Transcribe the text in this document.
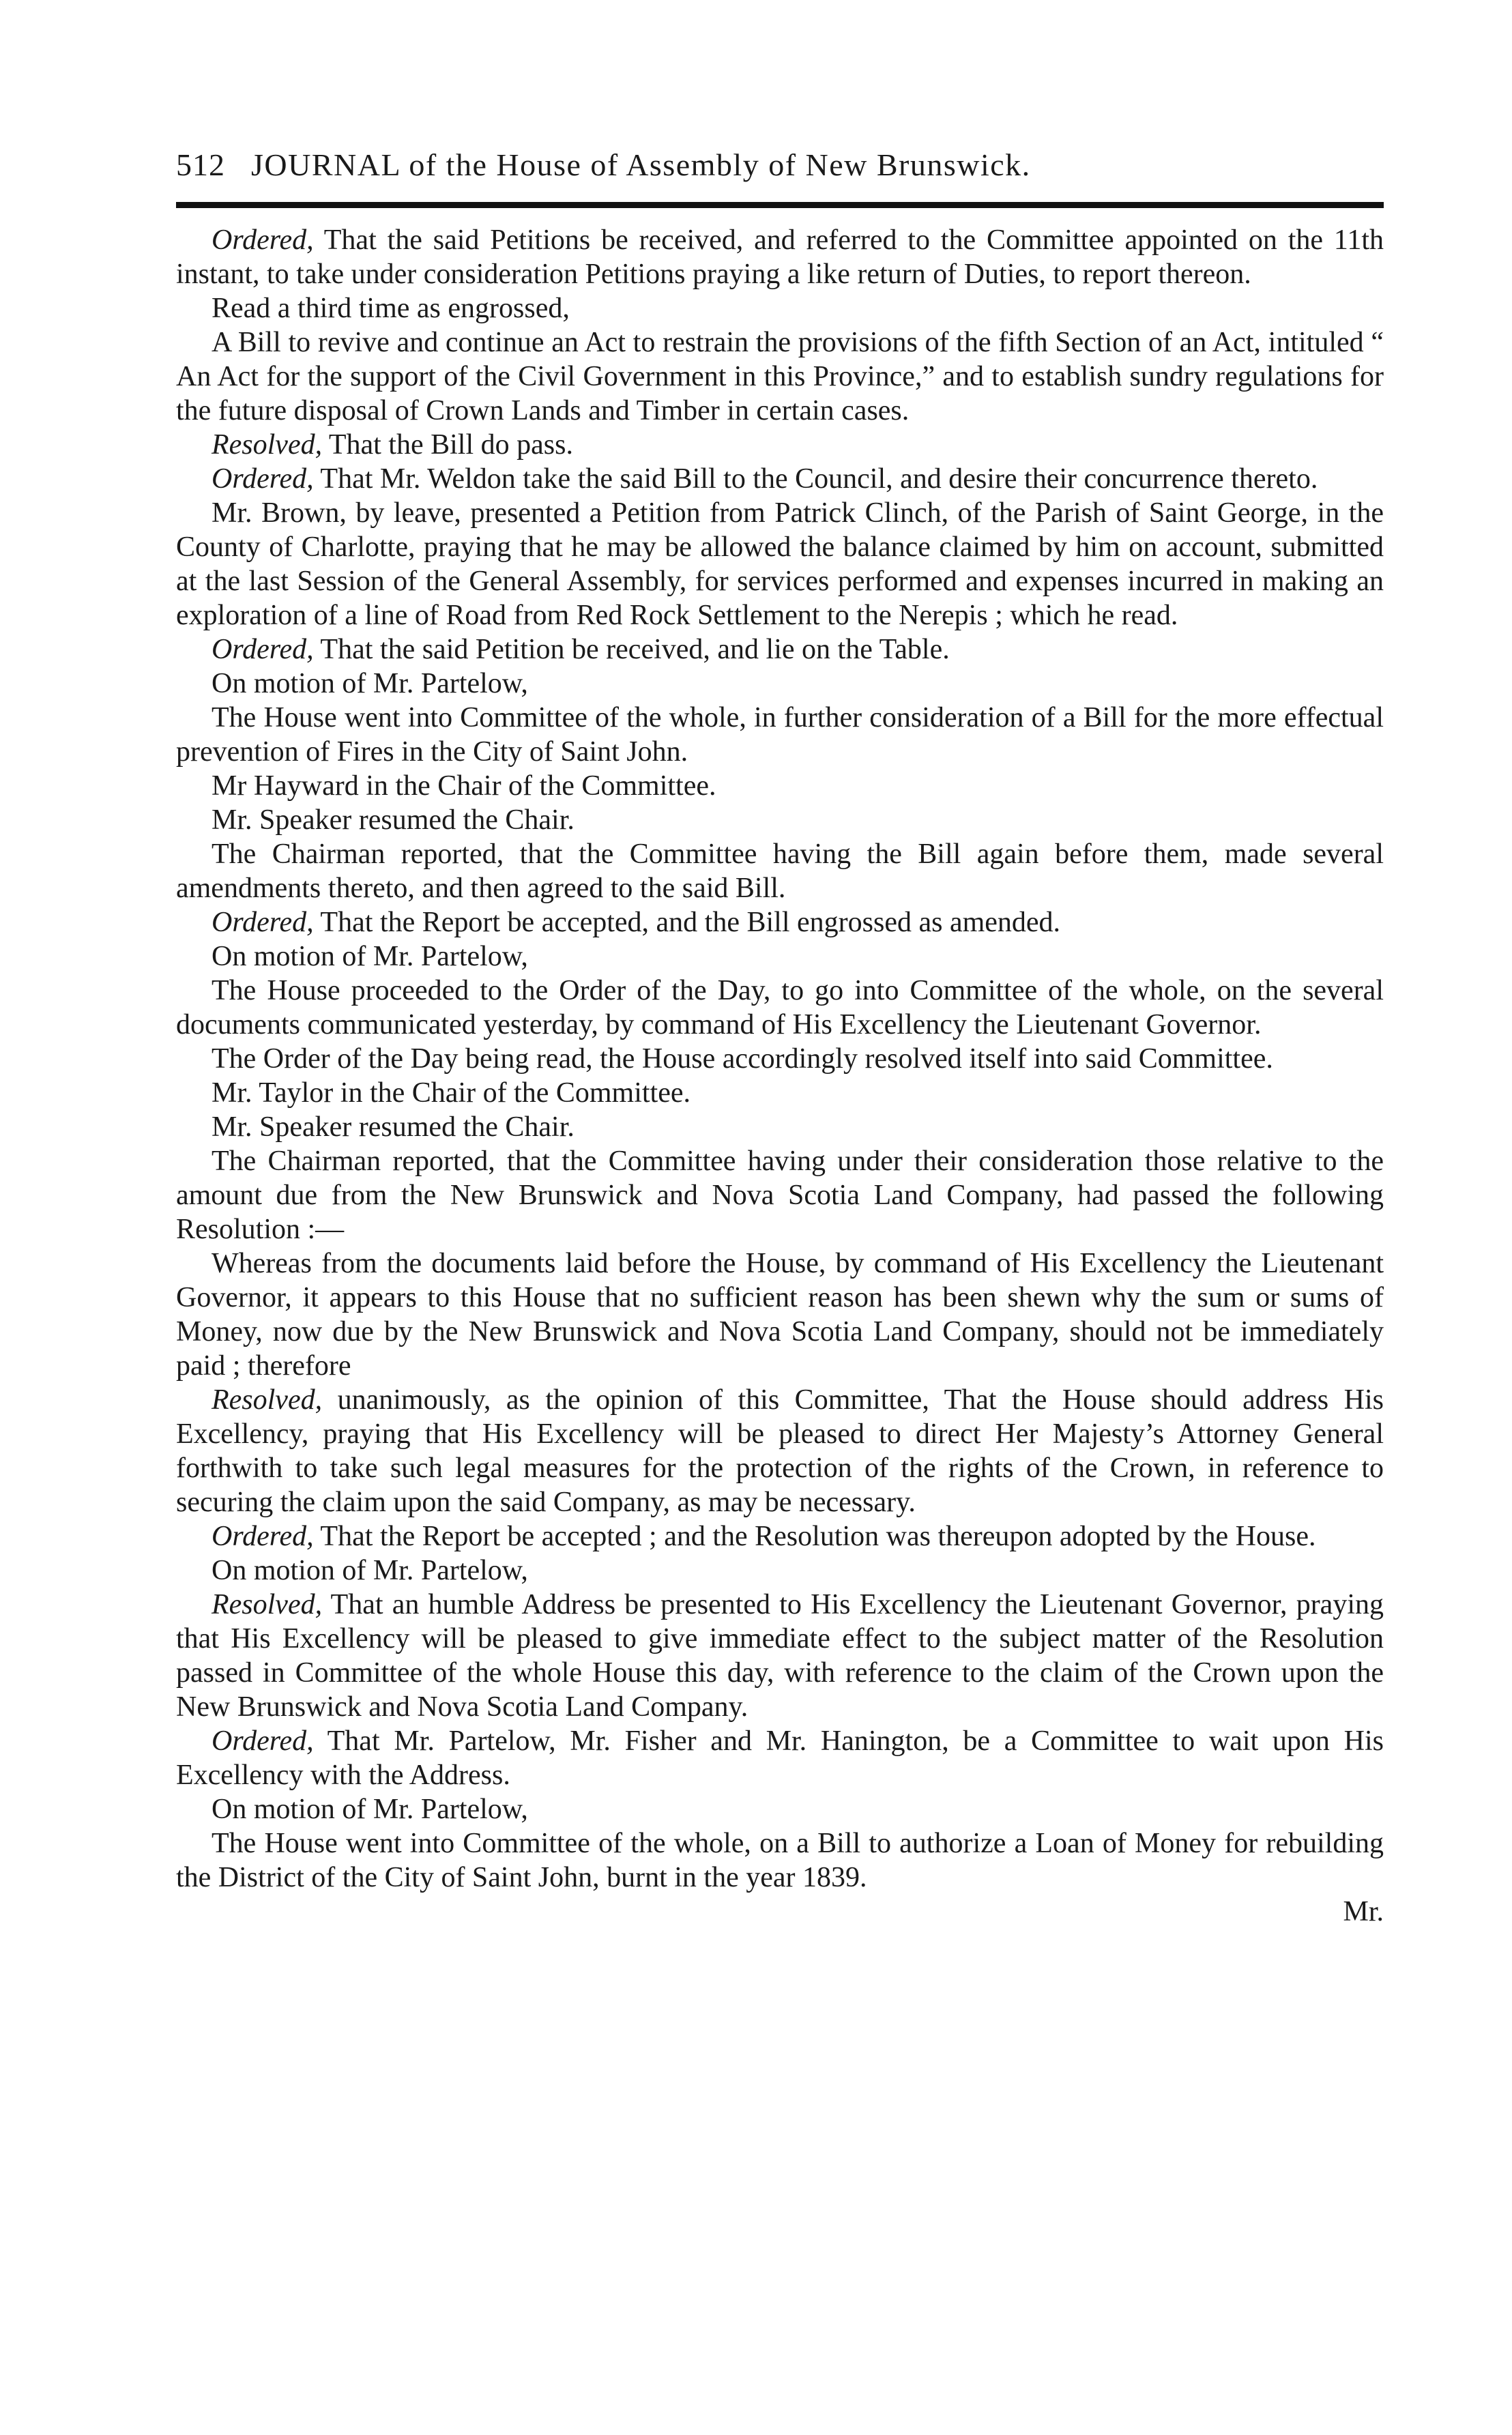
512 JOURNAL of the House of Assembly of New Brunswick.

Ordered, That the said Petitions be received, and referred to the Committee appointed on the 11th instant, to take under consideration Petitions praying a like return of Duties, to report thereon.

Read a third time as engrossed,

A Bill to revive and continue an Act to restrain the provisions of the fifth Section of an Act, intituled “ An Act for the support of the Civil Government in this Province,” and to establish sundry regulations for the future disposal of Crown Lands and Timber in certain cases.

Resolved, That the Bill do pass.

Ordered, That Mr. Weldon take the said Bill to the Council, and desire their concurrence thereto.

Mr. Brown, by leave, presented a Petition from Patrick Clinch, of the Parish of Saint George, in the County of Charlotte, praying that he may be allowed the balance claimed by him on account, submitted at the last Session of the General Assembly, for services performed and expenses incurred in making an exploration of a line of Road from Red Rock Settlement to the Nerepis ; which he read.

Ordered, That the said Petition be received, and lie on the Table.

On motion of Mr. Partelow,

The House went into Committee of the whole, in further consideration of a Bill for the more effectual prevention of Fires in the City of Saint John.

Mr Hayward in the Chair of the Committee.

Mr. Speaker resumed the Chair.

The Chairman reported, that the Committee having the Bill again before them, made several amendments thereto, and then agreed to the said Bill.

Ordered, That the Report be accepted, and the Bill engrossed as amended.

On motion of Mr. Partelow,

The House proceeded to the Order of the Day, to go into Committee of the whole, on the several documents communicated yesterday, by command of His Excellency the Lieutenant Governor.

The Order of the Day being read, the House accordingly resolved itself into said Committee.

Mr. Taylor in the Chair of the Committee.

Mr. Speaker resumed the Chair.

The Chairman reported, that the Committee having under their consideration those relative to the amount due from the New Brunswick and Nova Scotia Land Company, had passed the following Resolution :—

Whereas from the documents laid before the House, by command of His Excellency the Lieutenant Governor, it appears to this House that no sufficient reason has been shewn why the sum or sums of Money, now due by the New Brunswick and Nova Scotia Land Company, should not be immediately paid ; therefore

Resolved, unanimously, as the opinion of this Committee, That the House should address His Excellency, praying that His Excellency will be pleased to direct Her Majesty’s Attorney General forthwith to take such legal measures for the protection of the rights of the Crown, in reference to securing the claim upon the said Company, as may be necessary.

Ordered, That the Report be accepted ; and the Resolution was thereupon adopted by the House.

On motion of Mr. Partelow,

Resolved, That an humble Address be presented to His Excellency the Lieutenant Governor, praying that His Excellency will be pleased to give immediate effect to the subject matter of the Resolution passed in Committee of the whole House this day, with reference to the claim of the Crown upon the New Brunswick and Nova Scotia Land Company.

Ordered, That Mr. Partelow, Mr. Fisher and Mr. Hanington, be a Committee to wait upon His Excellency with the Address.

On motion of Mr. Partelow,

The House went into Committee of the whole, on a Bill to authorize a Loan of Money for rebuilding the District of the City of Saint John, burnt in the year 1839.

Mr.
